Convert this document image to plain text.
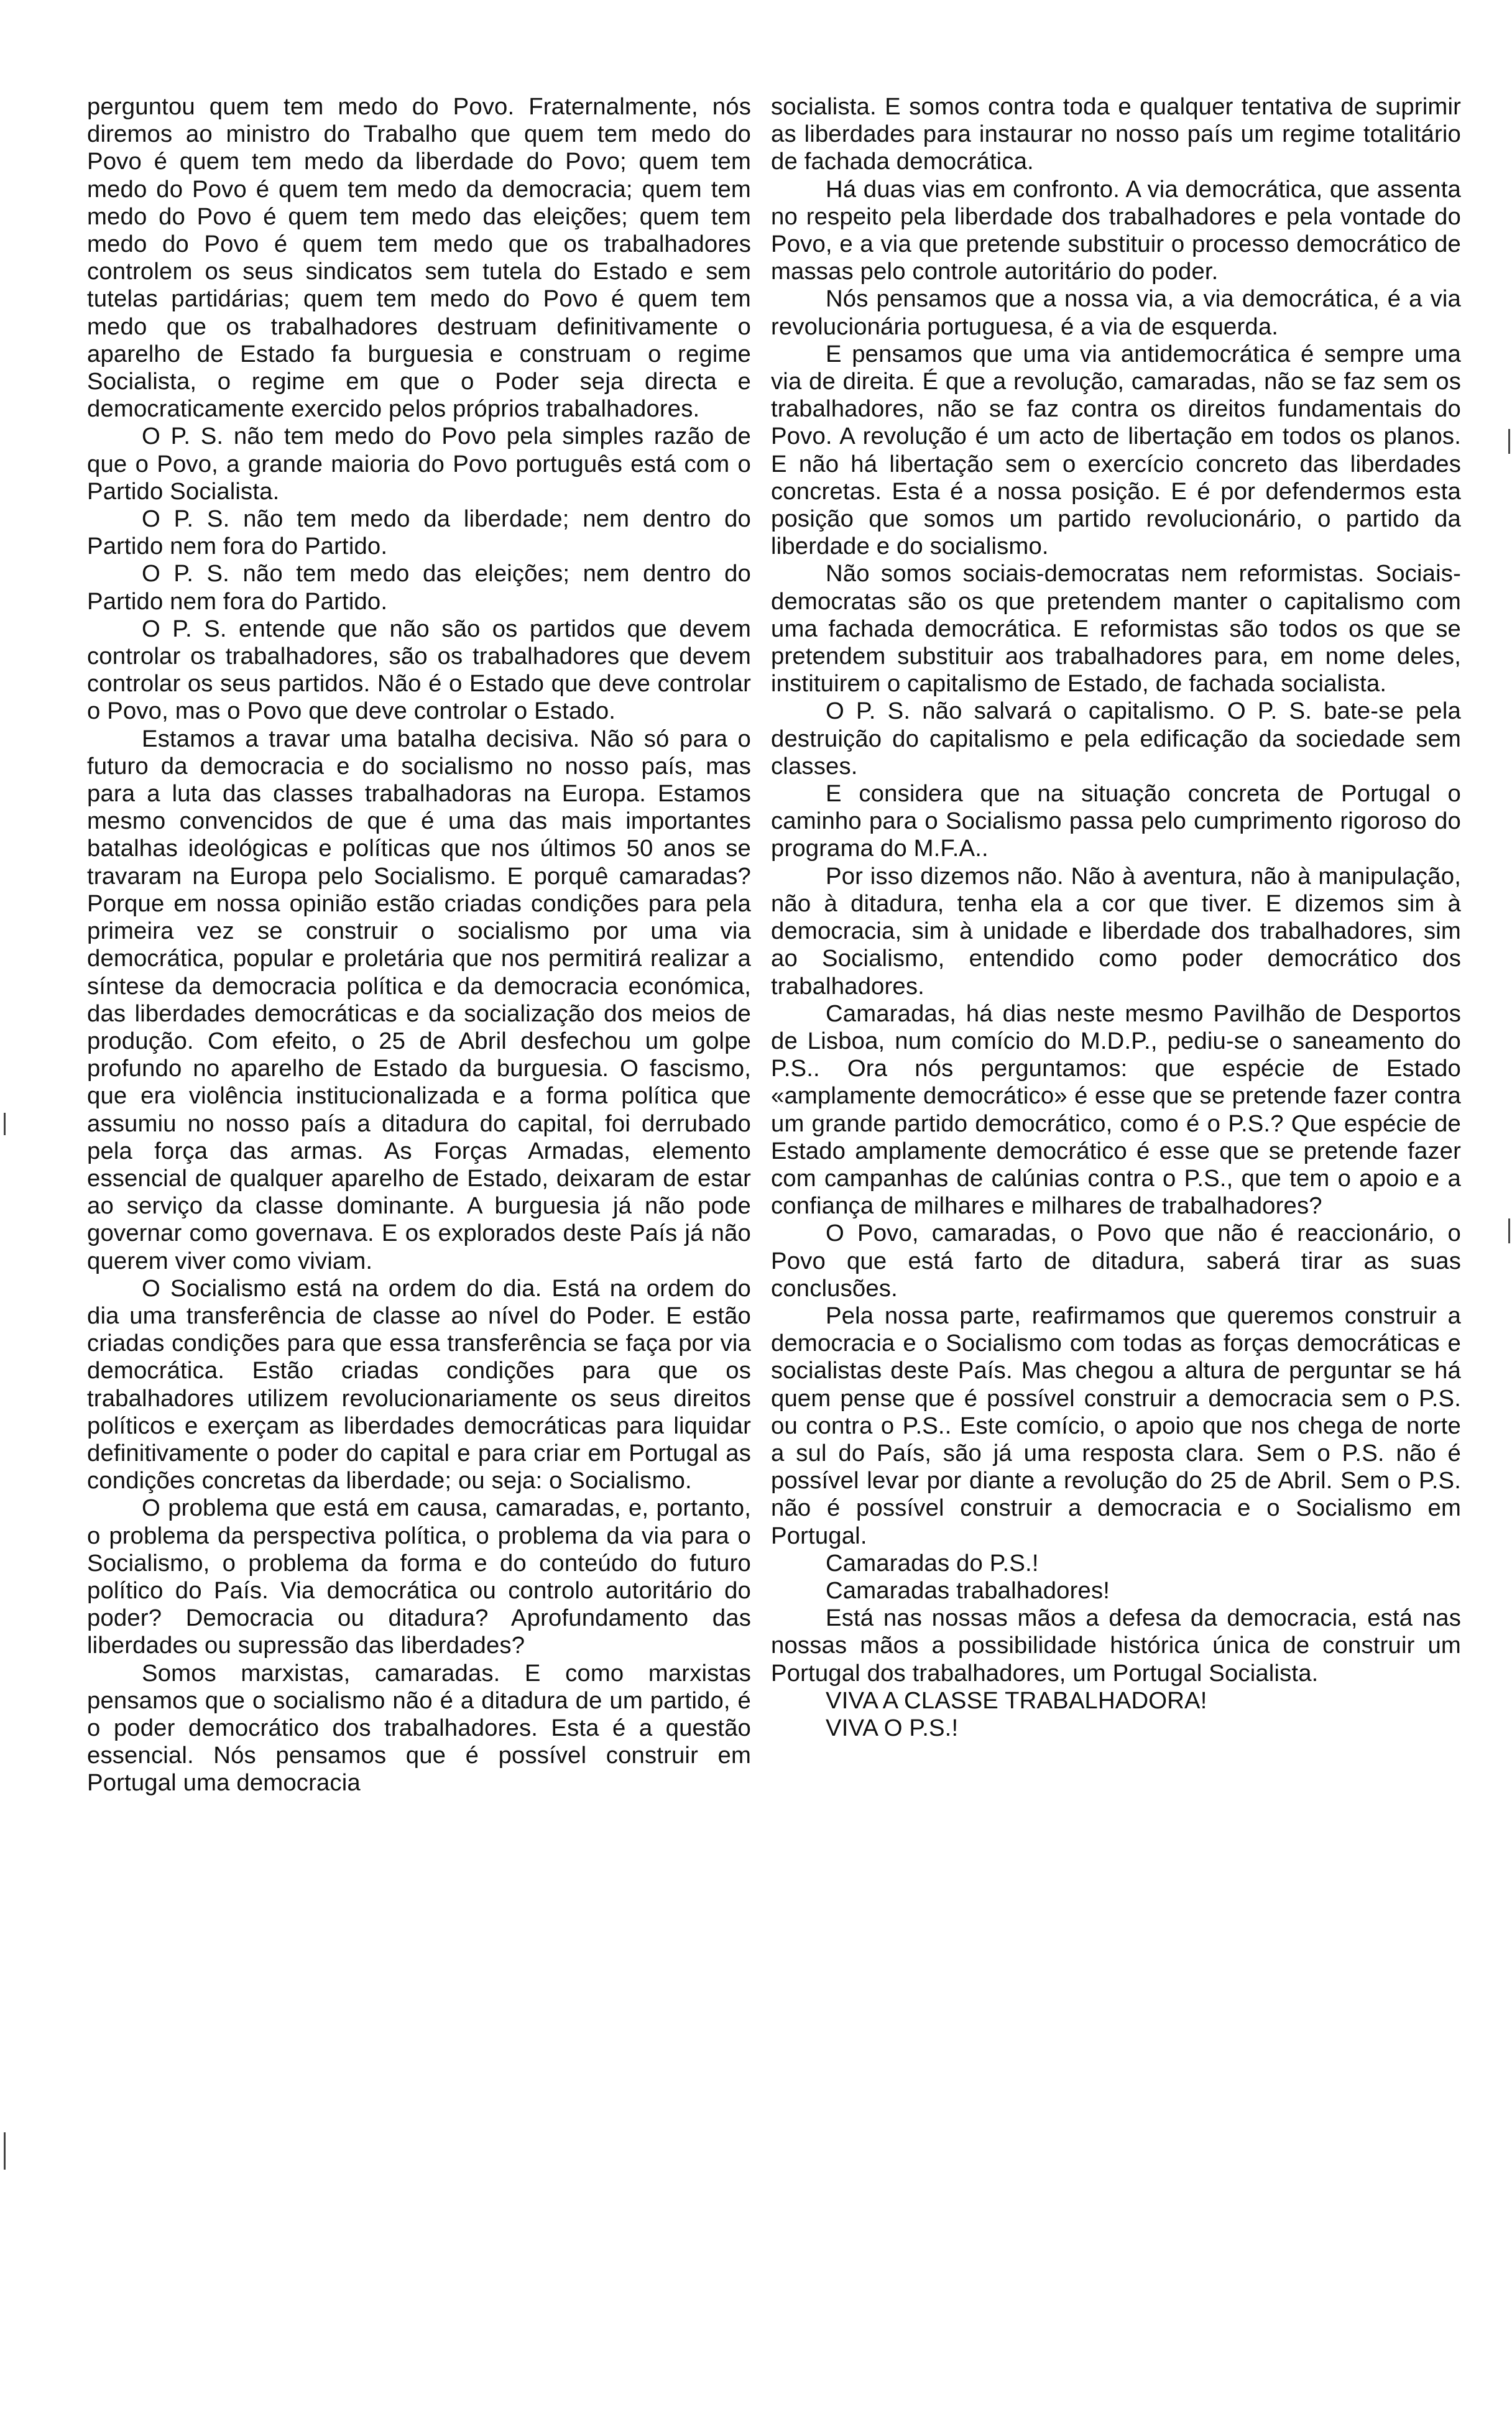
perguntou quem tem medo do Povo. Fraternalmente, nós diremos ao ministro do Trabalho que quem tem medo do Povo é quem tem medo da liberdade do Povo; quem tem medo do Povo é quem tem medo da democracia; quem tem medo do Povo é quem tem medo das eleições; quem tem medo do Povo é quem tem medo que os trabalhadores controlem os seus sindicatos sem tutela do Estado e sem tutelas partidárias; quem tem medo do Povo é quem tem medo que os trabalhadores destruam definitivamente o aparelho de Estado fa burguesia e construam o regime Socialista, o regime em que o Poder seja directa e democraticamente exercido pelos próprios trabalhadores.

O P. S. não tem medo do Povo pela simples razão de que o Povo, a grande maioria do Povo português está com o Partido Socialista.

O P. S. não tem medo da liberdade; nem dentro do Partido nem fora do Partido.

O P. S. não tem medo das eleições; nem dentro do Partido nem fora do Partido.

O P. S. entende que não são os partidos que devem controlar os trabalhadores, são os trabalhadores que devem controlar os seus partidos. Não é o Estado que deve controlar o Povo, mas o Povo que deve controlar o Estado.

Estamos a travar uma batalha decisiva. Não só para o futuro da democracia e do socialismo no nosso país, mas para a luta das classes trabalhadoras na Europa. Estamos mesmo convencidos de que é uma das mais importantes batalhas ideológicas e políticas que nos últimos 50 anos se travaram na Europa pelo Socialismo. E porquê camaradas? Porque em nossa opinião estão criadas condições para pela primeira vez se construir o socialismo por uma via democrática, popular e proletária que nos permitirá realizar a síntese da democracia política e da democracia económica, das liberdades democráticas e da socialização dos meios de produção. Com efeito, o 25 de Abril desfechou um golpe profundo no aparelho de Estado da burguesia. O fascismo, que era violência institucionalizada e a forma política que assumiu no nosso país a ditadura do capital, foi derrubado pela força das armas. As Forças Armadas, elemento essencial de qualquer aparelho de Estado, deixaram de estar ao serviço da classe dominante. A burguesia já não pode governar como governava. E os explorados deste País já não querem viver como viviam.

O Socialismo está na ordem do dia. Está na ordem do dia uma transferência de classe ao nível do Poder. E estão criadas condições para que essa transferência se faça por via democrática. Estão criadas condições para que os trabalhadores utilizem revolucionariamente os seus direitos políticos e exerçam as liberdades democráticas para liquidar definitivamente o poder do capital e para criar em Portugal as condições concretas da liberdade; ou seja: o Socialismo.

O problema que está em causa, camaradas, e, portanto, o problema da perspectiva política, o problema da via para o Socialismo, o problema da forma e do conteúdo do futuro político do País. Via democrática ou controlo autoritário do poder? Democracia ou ditadura? Aprofundamento das liberdades ou supressão das liberdades?

Somos marxistas, camaradas. E como marxistas pensamos que o socialismo não é a ditadura de um partido, é o poder democrático dos trabalhadores. Esta é a questão essencial. Nós pensamos que é possível construir em Portugal uma democracia

socialista. E somos contra toda e qualquer tentativa de suprimir as liberdades para instaurar no nosso país um regime totalitário de fachada democrática.

Há duas vias em confronto. A via democrática, que assenta no respeito pela liberdade dos trabalhadores e pela vontade do Povo, e a via que pretende substituir o processo democrático de massas pelo controle autoritário do poder.

Nós pensamos que a nossa via, a via democrática, é a via revolucionária portuguesa, é a via de esquerda.

E pensamos que uma via antidemocrática é sempre uma via de direita. É que a revolução, camaradas, não se faz sem os trabalhadores, não se faz contra os direitos fundamentais do Povo. A revolução é um acto de libertação em todos os planos. E não há libertação sem o exercício concreto das liberdades concretas. Esta é a nossa posição. E é por defendermos esta posição que somos um partido revolucionário, o partido da liberdade e do socialismo.

Não somos sociais-democratas nem reformistas. Sociais-democratas são os que pretendem manter o capitalismo com uma fachada democrática. E reformistas são todos os que se pretendem substituir aos trabalhadores para, em nome deles, instituirem o capitalismo de Estado, de fachada socialista.

O P. S. não salvará o capitalismo. O P. S. bate-se pela destruição do capitalismo e pela edificação da sociedade sem classes.

E considera que na situação concreta de Portugal o caminho para o Socialismo passa pelo cumprimento rigoroso do programa do M.F.A..

Por isso dizemos não. Não à aventura, não à manipulação, não à ditadura, tenha ela a cor que tiver. E dizemos sim à democracia, sim à unidade e liberdade dos trabalhadores, sim ao Socialismo, entendido como poder democrático dos trabalhadores.

Camaradas, há dias neste mesmo Pavilhão de Desportos de Lisboa, num comício do M.D.P., pediu-se o saneamento do P.S.. Ora nós perguntamos: que espécie de Estado «amplamente democrático» é esse que se pretende fazer contra um grande partido democrático, como é o P.S.? Que espécie de Estado amplamente democrático é esse que se pretende fazer com campanhas de calúnias contra o P.S., que tem o apoio e a confiança de milhares e milhares de trabalhadores?

O Povo, camaradas, o Povo que não é reaccionário, o Povo que está farto de ditadura, saberá tirar as suas conclusões.

Pela nossa parte, reafirmamos que queremos construir a democracia e o Socialismo com todas as forças democráticas e socialistas deste País. Mas chegou a altura de perguntar se há quem pense que é possível construir a democracia sem o P.S. ou contra o P.S.. Este comício, o apoio que nos chega de norte a sul do País, são já uma resposta clara. Sem o P.S. não é possível levar por diante a revolução do 25 de Abril. Sem o P.S. não é possível construir a democracia e o Socialismo em Portugal.

Camaradas do P.S.!

Camaradas trabalhadores!

Está nas nossas mãos a defesa da democracia, está nas nossas mãos a possibilidade histórica única de construir um Portugal dos trabalhadores, um Portugal Socialista.

VIVA A CLASSE TRABALHADORA!

VIVA O P.S.!
